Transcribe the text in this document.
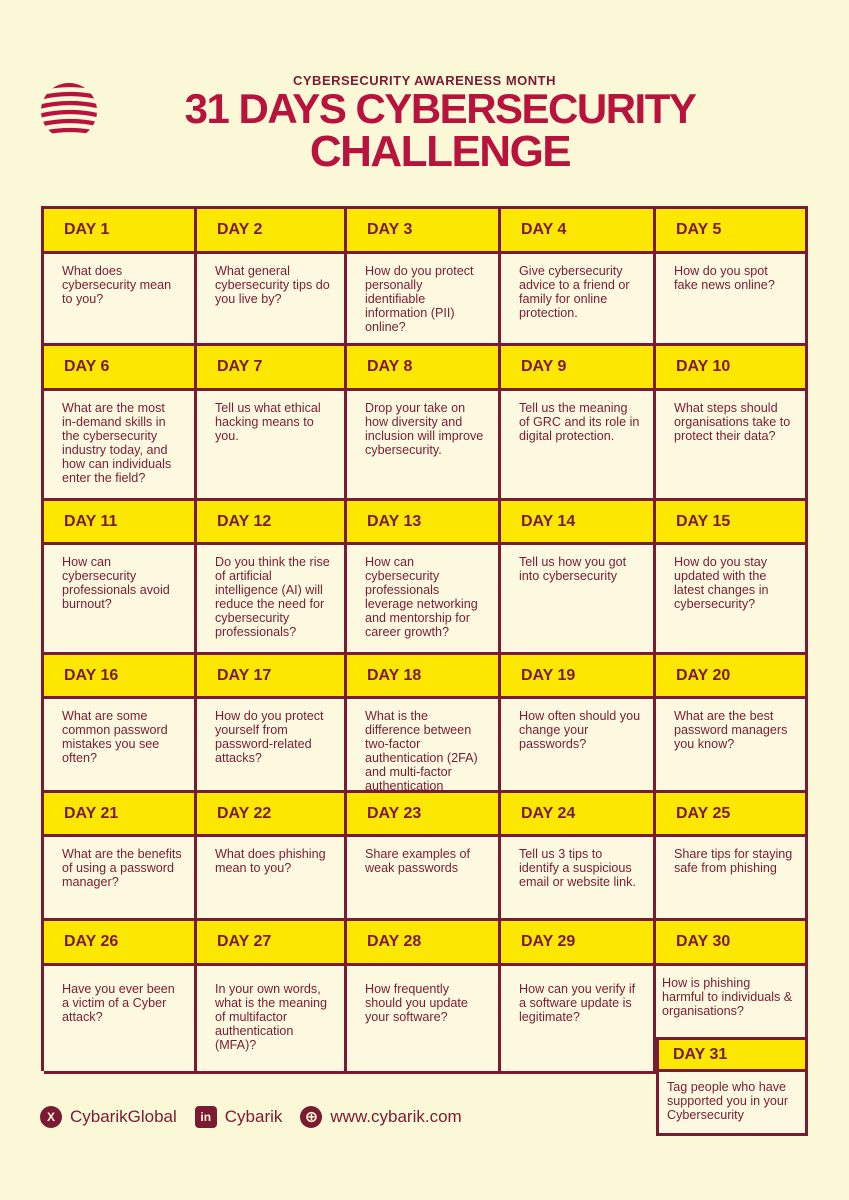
CYBERSECURITY AWARENESS MONTH
31 DAYS CYBERSECURITY
CHALLENGE
DAY 1	DAY 2	DAY 3	DAY 4	DAY 5
What does cybersecurity mean to you?
What general cybersecurity tips do you live by?
How do you protect personally identifiable information (PII) online?
Give cybersecurity advice to a friend or family for online protection.
How do you spot fake news online?
DAY 6	DAY 7	DAY 8	DAY 9	DAY 10
What are the most in-demand skills in the cybersecurity industry today, and how can individuals enter the field?
Tell us what ethical hacking means to you.
Drop your take on how diversity and inclusion will improve cybersecurity.
Tell us the meaning of GRC and its role in digital protection.
What steps should organisations take to protect their data?
DAY 11	DAY 12	DAY 13	DAY 14	DAY 15
How can cybersecurity professionals avoid burnout?
Do you think the rise of artificial intelligence (AI) will reduce the need for cybersecurity professionals?
How can cybersecurity professionals leverage networking and mentorship for career growth?
Tell us how you got into cybersecurity
How do you stay updated with the latest changes in cybersecurity?
DAY 16	DAY 17	DAY 18	DAY 19	DAY 20
What are some common password mistakes you see often?
How do you protect yourself from password-related attacks?
What is the difference between two-factor authentication (2FA) and multi-factor authentication
How often should you change your passwords?
What are the best password managers you know?
DAY 21	DAY 22	DAY 23	DAY 24	DAY 25
What are the benefits of using a password manager?
What does phishing mean to you?
Share examples of weak passwords
Tell us 3 tips to identify a suspicious email or website link.
Share tips for staying safe from phishing
DAY 26	DAY 27	DAY 28	DAY 29	DAY 30
Have you ever been a victim of a Cyber attack?
In your own words, what is the meaning of multifactor authentication (MFA)?
How frequently should you update your software?
How can you verify if a software update is legitimate?
How is phishing harmful to individuals & organisations?
DAY 31
Tag people who have supported you in your Cybersecurity
X CybarikGlobal	in Cybarik ⊕ www.cybarik.com
